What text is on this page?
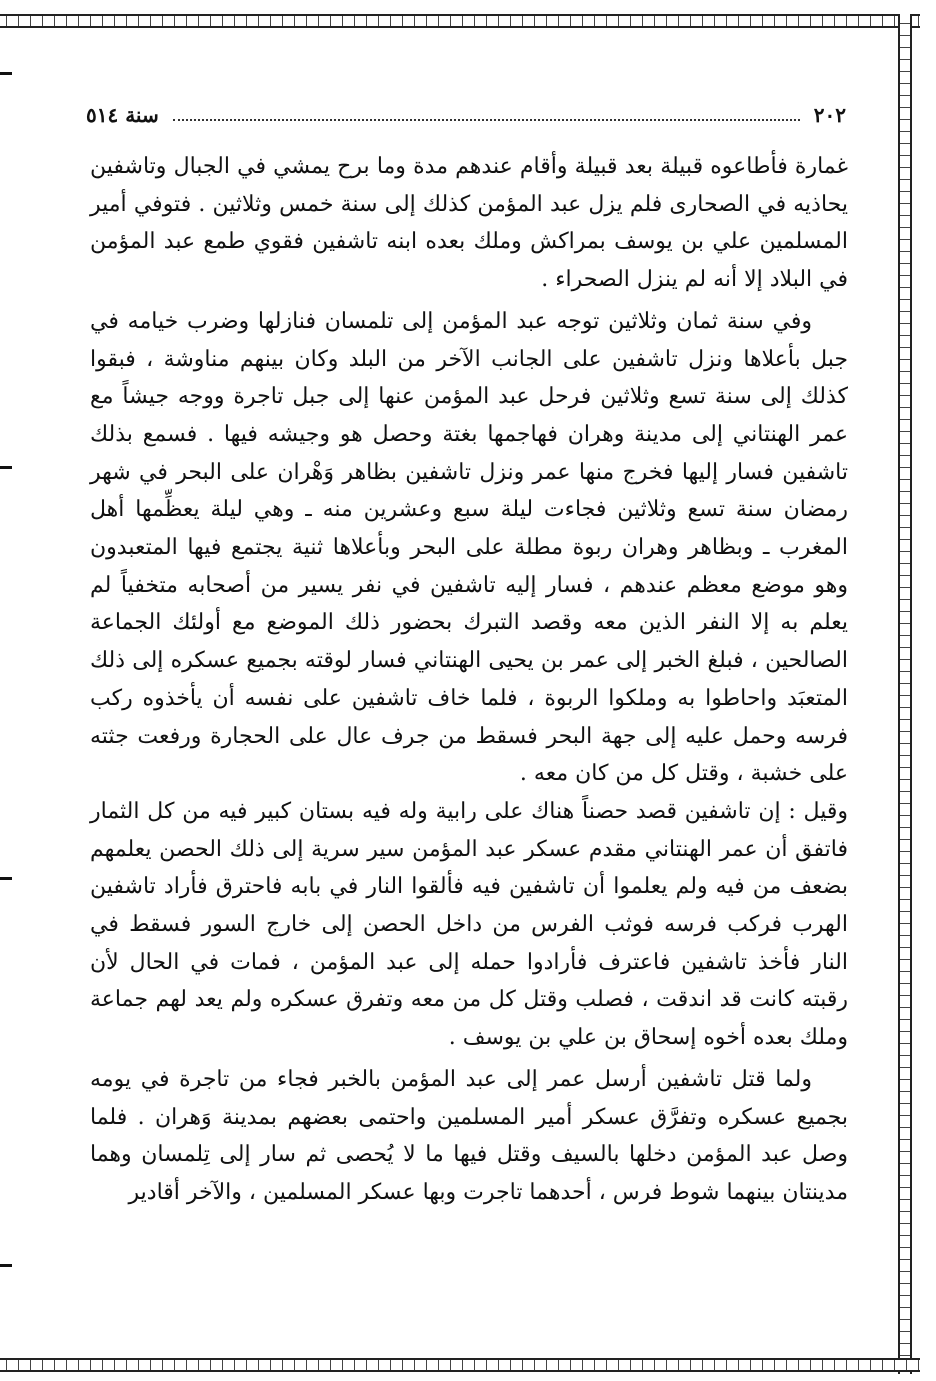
٢٠٢
سنة ٥١٤

غمارة فأطاعوه قبيلة بعد قبيلة وأقام عندهم مدة وما برح يمشي في الجبال وتاشفين يحاذيه في الصحارى فلم يزل عبد المؤمن كذلك إلى سنة خمس وثلاثين . فتوفي أمير المسلمين علي بن يوسف بمراكش وملك بعده ابنه تاشفين فقوي طمع عبد المؤمن في البلاد إلا أنه لم ينزل الصحراء .

وفي سنة ثمان وثلاثين توجه عبد المؤمن إلى تلمسان فنازلها وضرب خيامه في جبل بأعلاها ونزل تاشفين على الجانب الآخر من البلد وكان بينهم مناوشة ، فبقوا كذلك إلى سنة تسع وثلاثين فرحل عبد المؤمن عنها إلى جبل تاجرة ووجه جيشاً مع عمر الهنتاني إلى مدينة وهران فهاجمها بغتة وحصل هو وجيشه فيها . فسمع بذلك تاشفين فسار إليها فخرج منها عمر ونزل تاشفين بظاهر وَهْران على البحر في شهر رمضان سنة تسع وثلاثين فجاءت ليلة سبع وعشرين منه ـ وهي ليلة يعظِّمها أهل المغرب ـ وبظاهر وهران ربوة مطلة على البحر وبأعلاها ثنية يجتمع فيها المتعبدون وهو موضع معظم عندهم ، فسار إليه تاشفين في نفر يسير من أصحابه متخفياً لم يعلم به إلا النفر الذين معه وقصد التبرك بحضور ذلك الموضع مع أولئك الجماعة الصالحين ، فبلغ الخبر إلى عمر بن يحيى الهنتاني فسار لوقته بجميع عسكره إلى ذلك المتعبَد واحاطوا به وملكوا الربوة ، فلما خاف تاشفين على نفسه أن يأخذوه ركب فرسه وحمل عليه إلى جهة البحر فسقط من جرف عال على الحجارة ورفعت جثته على خشبة ، وقتل كل من كان معه .

وقيل : إن تاشفين قصد حصناً هناك على رابية وله فيه بستان كبير فيه من كل الثمار فاتفق أن عمر الهنتاني مقدم عسكر عبد المؤمن سير سرية إلى ذلك الحصن يعلمهم بضعف من فيه ولم يعلموا أن تاشفين فيه فألقوا النار في بابه فاحترق فأراد تاشفين الهرب فركب فرسه فوثب الفرس من داخل الحصن إلى خارج السور فسقط في النار فأخذ تاشفين فاعترف فأرادوا حمله إلى عبد المؤمن ، فمات في الحال لأن رقبته كانت قد اندقت ، فصلب وقتل كل من معه وتفرق عسكره ولم يعد لهم جماعة وملك بعده أخوه إسحاق بن علي بن يوسف .

ولما قتل تاشفين أرسل عمر إلى عبد المؤمن بالخبر فجاء من تاجرة في يومه بجميع عسكره وتفرَّق عسكر أمير المسلمين واحتمى بعضهم بمدينة وَهران . فلما وصل عبد المؤمن دخلها بالسيف وقتل فيها ما لا يُحصى ثم سار إلى تِلمسان وهما مدينتان بينهما شوط فرس ، أحدهما تاجرت وبها عسكر المسلمين ، والآخر أقادير
